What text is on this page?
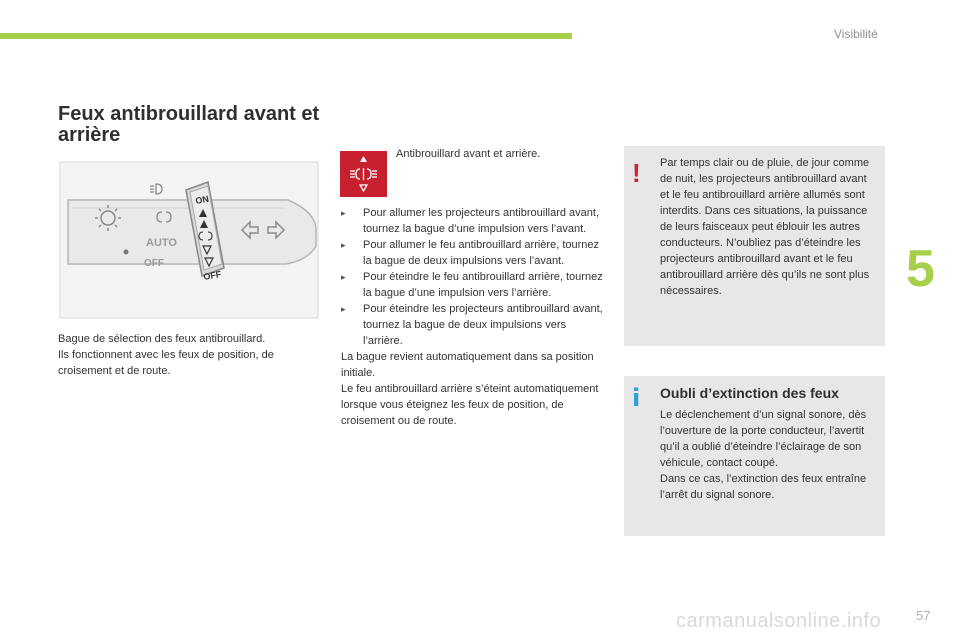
Visibilité
5
Feux antibrouillard avant et arrière
AUTO
OFF
ON
OFF

Bague de sélection des feux antibrouillard.

Ils fonctionnent avec les feux de position, de croisement et de route.

Antibrouillard avant et arrière.
▸ Pour allumer les projecteurs antibrouillard avant, tournez la bague d’une impulsion vers l’avant.
▸ Pour allumer le feu antibrouillard arrière, tournez la bague de deux impulsions vers l’avant.
▸ Pour éteindre le feu antibrouillard arrière, tournez la bague d’une impulsion vers l’arrière.
▸ Pour éteindre les projecteurs antibrouillard avant, tournez la bague de deux impulsions vers l’arrière.

La bague revient automatiquement dans sa position initiale.

Le feu antibrouillard arrière s’éteint automatiquement lorsque vous éteignez les feux de position, de croisement ou de route.

! Par temps clair ou de pluie, de jour comme de nuit, les projecteurs antibrouillard avant et le feu antibrouillard arrière allumés sont interdits. Dans ces situations, la puissance de leurs faisceaux peut éblouir les autres conducteurs. N’oubliez pas d’éteindre les projecteurs antibrouillard avant et le feu antibrouillard arrière dès qu’ils ne sont plus nécessaires.

i Oubli d’extinction des feux

Le déclenchement d’un signal sonore, dès l’ouverture de la porte conducteur, l’avertit qu’il a oublié d’éteindre l’éclairage de son véhicule, contact coupé.

Dans ce cas, l’extinction des feux entraîne l’arrêt du signal sonore.

carmanualsonline.info	57
